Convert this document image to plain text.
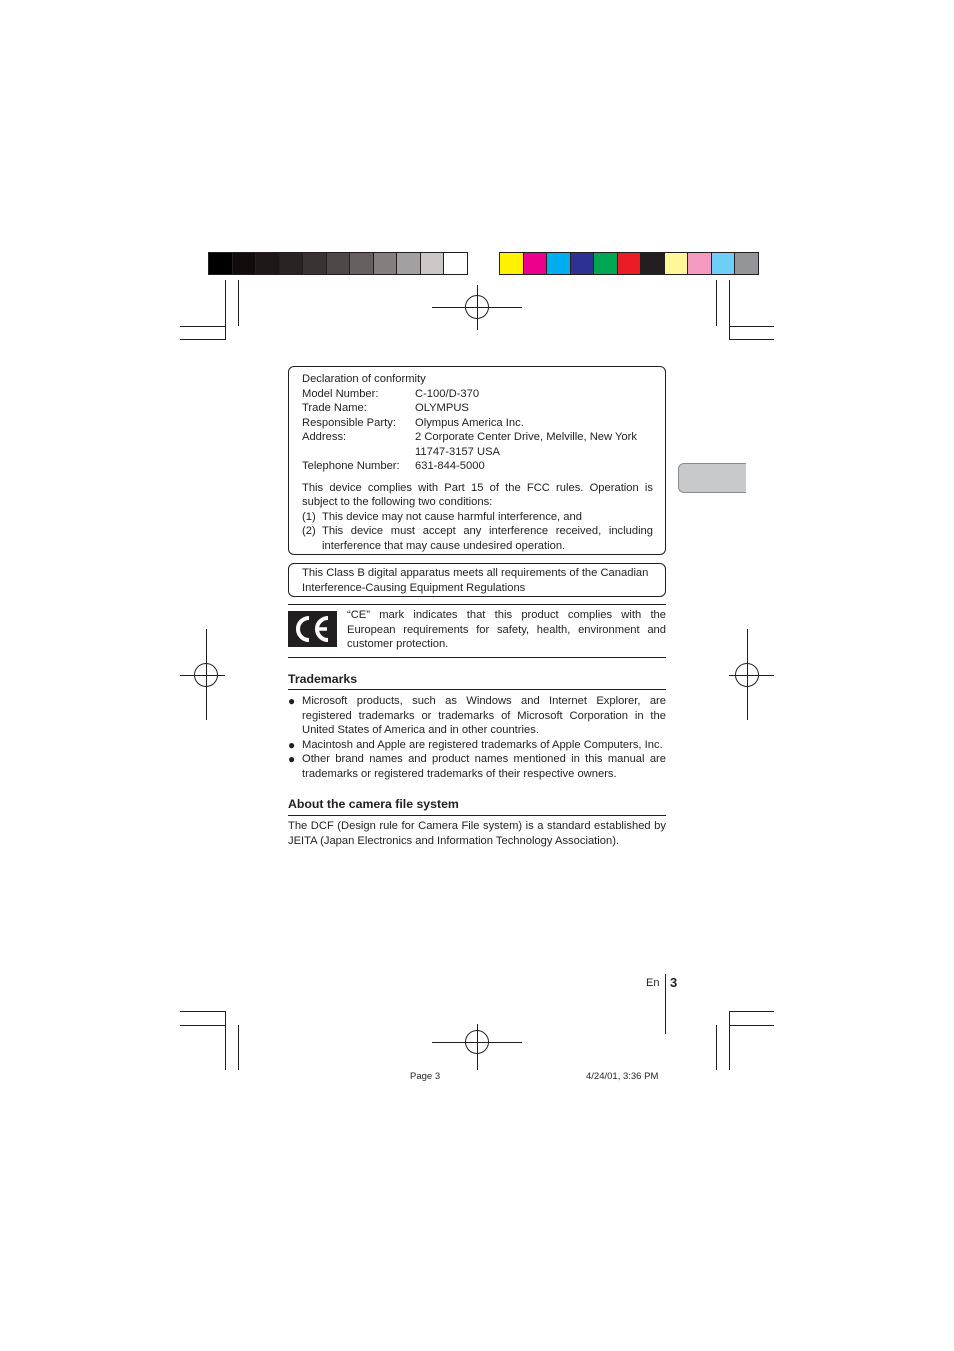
Declaration of conformity
Model Number:	C-100/D-370
Trade Name:	OLYMPUS
Responsible Party:	Olympus America Inc.
Address:	2 Corporate Center Drive, Melville, New York
11747-3157 USA
Telephone Number:	631-844-5000
This device complies with Part 15 of the FCC rules. Operation is subject to the following two conditions:
(1) This device may not cause harmful interference, and
(2) This device must accept any interference received, including interference that may cause undesired operation.
This Class B digital apparatus meets all requirements of the Canadian Interference-Causing Equipment Regulations
“CE” mark indicates that this product complies with the European requirements for safety, health, environment and customer protection.
Trademarks
● Microsoft products, such as Windows and Internet Explorer, are registered trademarks or trademarks of Microsoft Corporation in the United States of America and in other countries.
● Macintosh and Apple are registered trademarks of Apple Computers, Inc.
● Other brand names and product names mentioned in this manual are trademarks or registered trademarks of their respective owners.
About the camera file system
The DCF (Design rule for Camera File system) is a standard established by JEITA (Japan Electronics and Information Technology Association).
En 3
Page 3	4/24/01, 3:36 PM
